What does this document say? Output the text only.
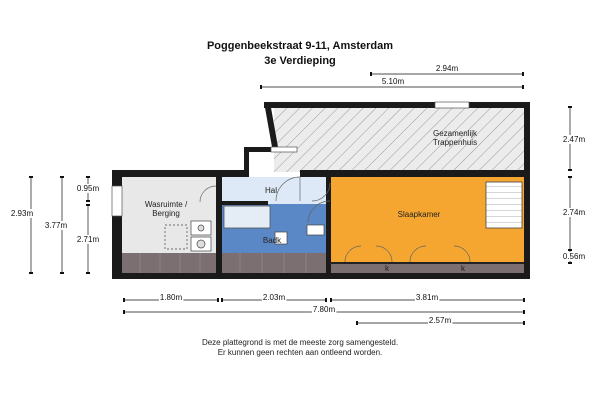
Poggenbeekstraat 9-11, Amsterdam
3e Verdieping
Gezamenlijk
Trappenhuis
Hal
Wasruimte /
Berging	Slaapkamer
Badk
k	k
2.94m
5.10m
2.47m
2.74m
0.56m
0.95m
2.93m
3.77m
2.71m
1.80m	2.03m	3.81m
7.80m
2.57m
Deze plattegrond is met de meeste zorg samengesteld.
Er kunnen geen rechten aan ontleend worden.
